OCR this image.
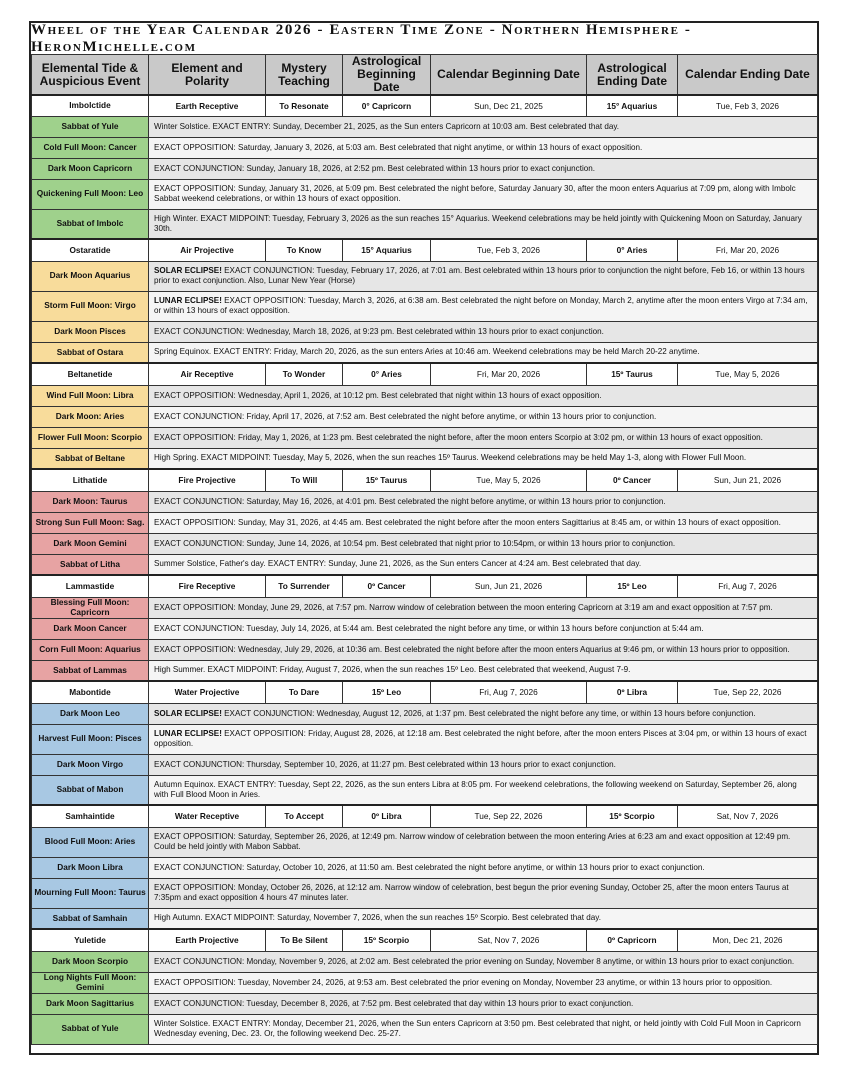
Wheel of the Year Calendar 2026 - Eastern Time Zone - Northern Hemisphere - HeronMichelle.com
Elemental Tide & Auspicious Event	Element and Polarity	Mystery Teaching	Astrological Beginning Date	Calendar Beginning Date	Astrological Ending Date	Calendar Ending Date
Imbolctide	Earth Receptive	To Resonate	0° Capricorn	Sun, Dec 21, 2025	15° Aquarius	Tue, Feb 3, 2026
Sabbat of Yule	Winter Solstice. EXACT ENTRY: Sunday, December 21, 2025, as the Sun enters Capricorn at 10:03 am. Best celebrated that day.					
Cold Full Moon: Cancer	EXACT OPPOSITION: Saturday, January 3, 2026, at 5:03 am. Best celebrated that night anytime, or within 13 hours of exact opposition.					
Dark Moon Capricorn	EXACT CONJUNCTION: Sunday, January 18, 2026, at 2:52 pm. Best celebrated within 13 hours prior to exact conjunction.					
Quickening Full Moon: Leo	EXACT OPPOSITION: Sunday, January 31, 2026, at 5:09 pm. Best celebrated the night before, Saturday January 30, after the moon enters Aquarius at 7:09 pm, along with Imbolc Sabbat weekend celebrations, or within 13 hours of exact opposition.					
Sabbat of Imbolc	High Winter. EXACT MIDPOINT: Tuesday, February 3, 2026 as the sun reaches 15° Aquarius. Weekend celebrations may be held jointly with Quickening Moon on Saturday, January 30th.					
Ostaratide	Air Projective	To Know	15° Aquarius	Tue, Feb 3, 2026	0° Aries	Fri, Mar 20, 2026
Dark Moon Aquarius	SOLAR ECLIPSE! EXACT CONJUNCTION: Tuesday, February 17, 2026, at 7:01 am. Best celebrated within 13 hours prior to conjunction the night before, Feb 16, or within 13 hours prior to exact conjunction. Also, Lunar New Year (Horse)					
Storm Full Moon: Virgo	LUNAR ECLIPSE! EXACT OPPOSITION: Tuesday, March 3, 2026, at 6:38 am. Best celebrated the night before on Monday, March 2, anytime after the moon enters Virgo at 7:34 am, or within 13 hours of exact opposition.					
Dark Moon Pisces	EXACT CONJUNCTION: Wednesday, March 18, 2026, at 9:23 pm. Best celebrated within 13 hours prior to exact conjunction.					
Sabbat of Ostara	Spring Equinox. EXACT ENTRY: Friday, March 20, 2026, as the sun enters Aries at 10:46 am. Weekend celebrations may be held March 20-22 anytime.					
Beltanetide	Air Receptive	To Wonder	0° Aries	Fri, Mar 20, 2026	15º Taurus	Tue, May 5, 2026
Wind Full Moon: Libra	EXACT OPPOSITION: Wednesday, April 1, 2026, at 10:12 pm. Best celebrated that night within 13 hours of exact opposition.					
Dark Moon: Aries	EXACT CONJUNCTION: Friday, April 17, 2026, at 7:52 am. Best celebrated the night before anytime, or within 13 hours prior to conjunction.					
Flower Full Moon: Scorpio	EXACT OPPOSITION: Friday, May 1, 2026, at 1:23 pm. Best celebrated the night before, after the moon enters Scorpio at 3:02 pm, or within 13 hours of exact opposition.					
Sabbat of Beltane	High Spring. EXACT MIDPOINT: Tuesday, May 5, 2026, when the sun reaches 15º Taurus. Weekend celebrations may be held May 1-3, along with Flower Full Moon.					
Lithatide	Fire Projective	To Will	15º Taurus	Tue, May 5, 2026	0º Cancer	Sun, Jun 21, 2026
Dark Moon: Taurus	EXACT CONJUNCTION: Saturday, May 16, 2026, at 4:01 pm. Best celebrated the night before anytime, or within 13 hours prior to conjunction.					
Strong Sun Full Moon: Sag.	EXACT OPPOSITION: Sunday, May 31, 2026, at 4:45 am. Best celebrated the night before after the moon enters Sagittarius at 8:45 am, or within 13 hours of exact opposition.					
Dark Moon Gemini	EXACT CONJUNCTION: Sunday, June 14, 2026, at 10:54 pm. Best celebrated that night prior to 10:54pm, or within 13 hours prior to conjunction.					
Sabbat of Litha	Summer Solstice, Father's day. EXACT ENTRY: Sunday, June 21, 2026, as the Sun enters Cancer at 4:24 am. Best celebrated that day.					
Lammastide	Fire Receptive	To Surrender	0º Cancer	Sun, Jun 21, 2026	15º Leo	Fri, Aug 7, 2026
Blessing Full Moon: Capricorn	EXACT OPPOSITION: Monday, June 29, 2026, at 7:57 pm. Narrow window of celebration between the moon entering Capricorn at 3:19 am and exact opposition at 7:57 pm.					
Dark Moon Cancer	EXACT CONJUNCTION: Tuesday, July 14, 2026, at 5:44 am. Best celebrated the night before any time, or within 13 hours before conjunction at 5:44 am.					
Corn Full Moon: Aquarius	EXACT OPPOSITION: Wednesday, July 29, 2026, at 10:36 am. Best celebrated the night before after the moon enters Aquarius at 9:46 pm, or within 13 hours prior to opposition.					
Sabbat of Lammas	High Summer. EXACT MIDPOINT: Friday, August 7, 2026, when the sun reaches 15º Leo. Best celebrated that weekend, August 7-9.					
Mabontide	Water Projective	To Dare	15º Leo	Fri, Aug 7, 2026	0º Libra	Tue, Sep 22, 2026
Dark Moon Leo	SOLAR ECLIPSE! EXACT CONJUNCTION: Wednesday, August 12, 2026, at 1:37 pm. Best celebrated the night before any time, or within 13 hours before conjunction.					
Harvest Full Moon: Pisces	LUNAR ECLIPSE! EXACT OPPOSITION: Friday, August 28, 2026, at 12:18 am. Best celebrated the night before, after the moon enters Pisces at 3:04 pm, or within 13 hours of exact opposition.					
Dark Moon Virgo	EXACT CONJUNCTION: Thursday, September 10, 2026, at 11:27 pm. Best celebrated within 13 hours prior to exact conjunction.					
Sabbat of Mabon	Autumn Equinox. EXACT ENTRY: Tuesday, Sept 22, 2026, as the sun enters Libra at 8:05 pm. For weekend celebrations, the following weekend on Saturday, September 26, along with Full Blood Moon in Aries.					
Samhaintide	Water Receptive	To Accept	0º Libra	Tue, Sep 22, 2026	15º Scorpio	Sat, Nov 7, 2026
Blood Full Moon: Aries	EXACT OPPOSITION: Saturday, September 26, 2026, at 12:49 pm. Narrow window of celebration between the moon entering Aries at 6:23 am and exact opposition at 12:49 pm. Could be held jointly with Mabon Sabbat.					
Dark Moon Libra	EXACT CONJUNCTION: Saturday, October 10, 2026, at 11:50 am. Best celebrated the night before anytime, or within 13 hours prior to exact conjunction.					
Mourning Full Moon: Taurus	EXACT OPPOSITION: Monday, October 26, 2026, at 12:12 am. Narrow window of celebration, best begun the prior evening Sunday, October 25, after the moon enters Taurus at 7:35pm and exact opposition 4 hours 47 minutes later.					
Sabbat of Samhain	High Autumn. EXACT MIDPOINT: Saturday, November 7, 2026, when the sun reaches 15º Scorpio. Best celebrated that day.					
Yuletide	Earth Projective	To Be Silent	15º Scorpio	Sat, Nov 7, 2026	0º Capricorn	Mon, Dec 21, 2026
Dark Moon Scorpio	EXACT CONJUNCTION: Monday, November 9, 2026, at 2:02 am. Best celebrated the prior evening on Sunday, November 8 anytime, or within 13 hours prior to exact conjunction.					
Long Nights Full Moon: Gemini	EXACT OPPOSITION: Tuesday, November 24, 2026, at 9:53 am. Best celebrated the prior evening on Monday, November 23 anytime, or within 13 hours prior to opposition.					
Dark Moon Sagittarius	EXACT CONJUNCTION: Tuesday, December 8, 2026, at 7:52 pm. Best celebrated that day within 13 hours prior to exact conjunction.					
Sabbat of Yule	Winter Solstice. EXACT ENTRY: Monday, December 21, 2026, when the Sun enters Capricorn at 3:50 pm. Best celebrated that night, or held jointly with Cold Full Moon in Capricorn Wednesday evening, Dec. 23. Or, the following weekend Dec. 25-27.					
